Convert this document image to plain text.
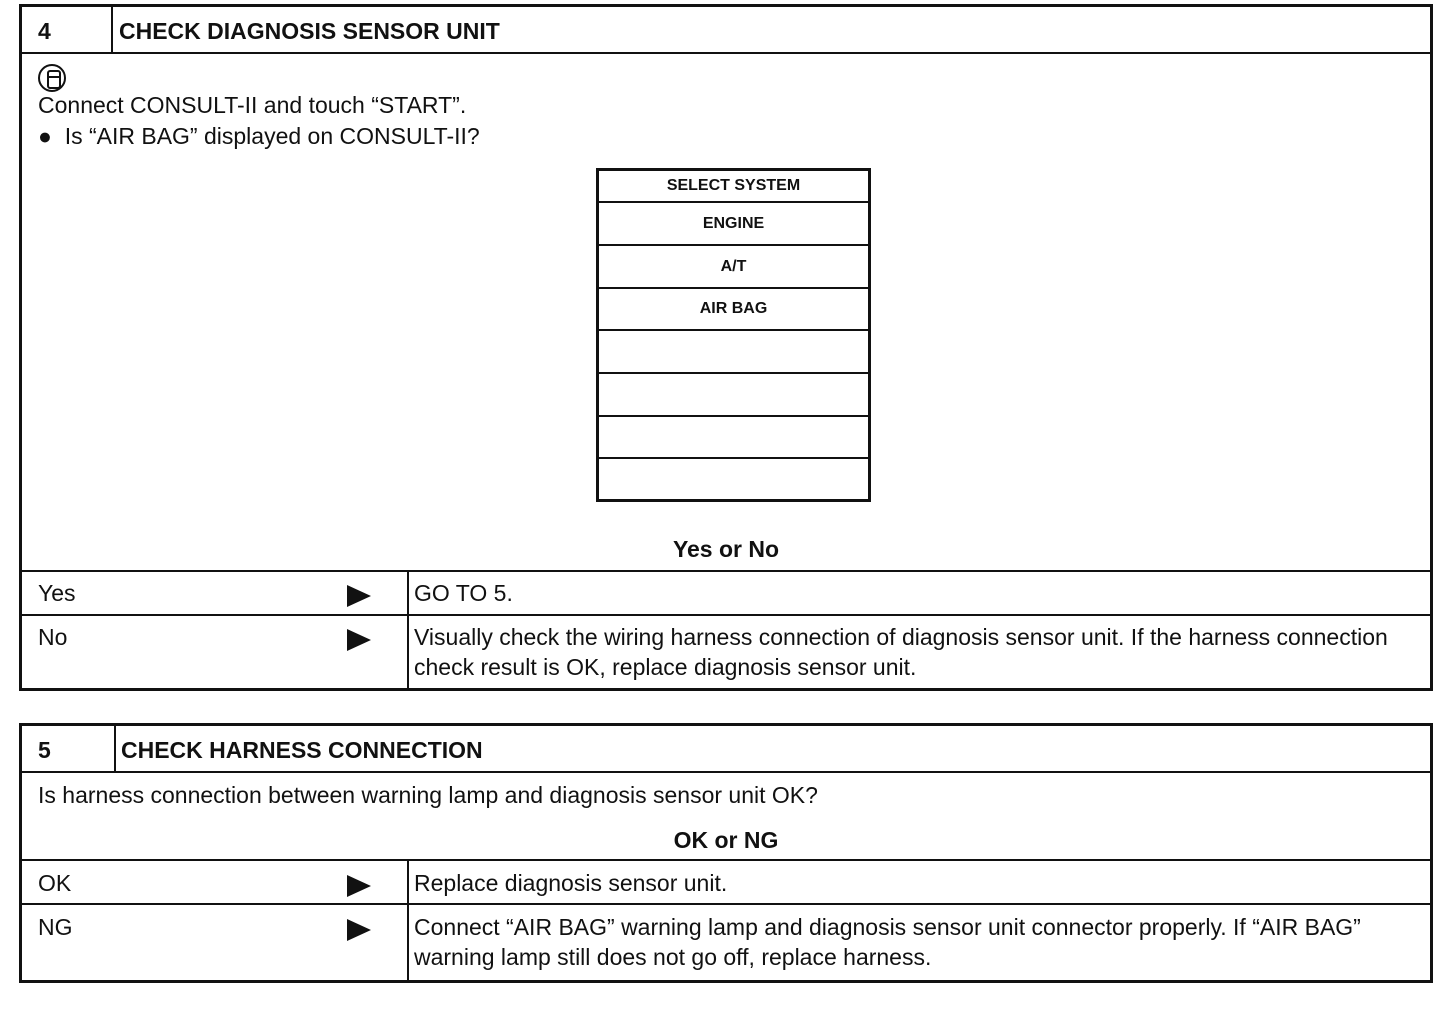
4	CHECK DIAGNOSIS SENSOR UNIT
Connect CONSULT-II and touch “START”.
● Is “AIR BAG” displayed on CONSULT-II?
SELECT SYSTEM
ENGINE
A/T
AIR BAG
Yes or No
Yes	GO TO 5.
No	Visually check the wiring harness connection of diagnosis sensor unit. If the harness connection check result is OK, replace diagnosis sensor unit.
5	CHECK HARNESS CONNECTION
Is harness connection between warning lamp and diagnosis sensor unit OK?
OK or NG
OK	Replace diagnosis sensor unit.
NG	Connect “AIR BAG” warning lamp and diagnosis sensor unit connector properly. If “AIR BAG” warning lamp still does not go off, replace harness.
